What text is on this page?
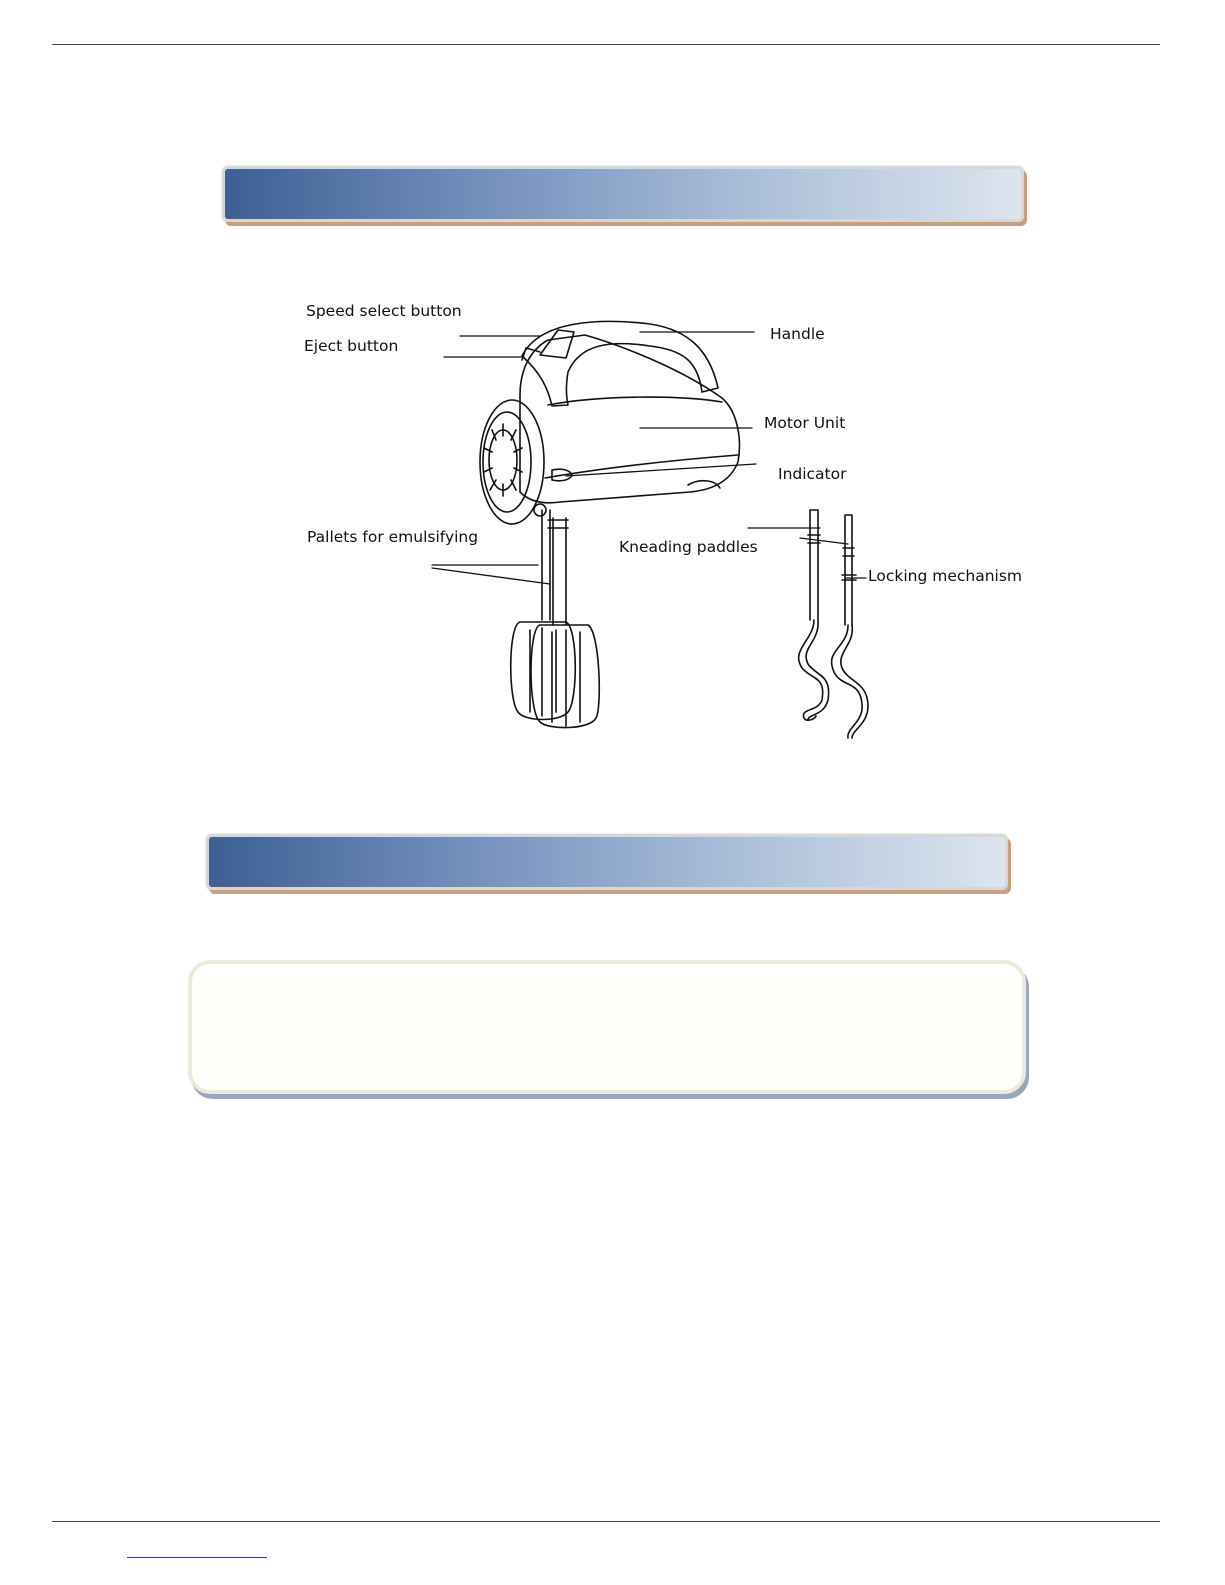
Speed select button
Eject button
Handle
Motor Unit
Indicator
Pallets for emulsifying
Kneading paddles
Locking mechanism
